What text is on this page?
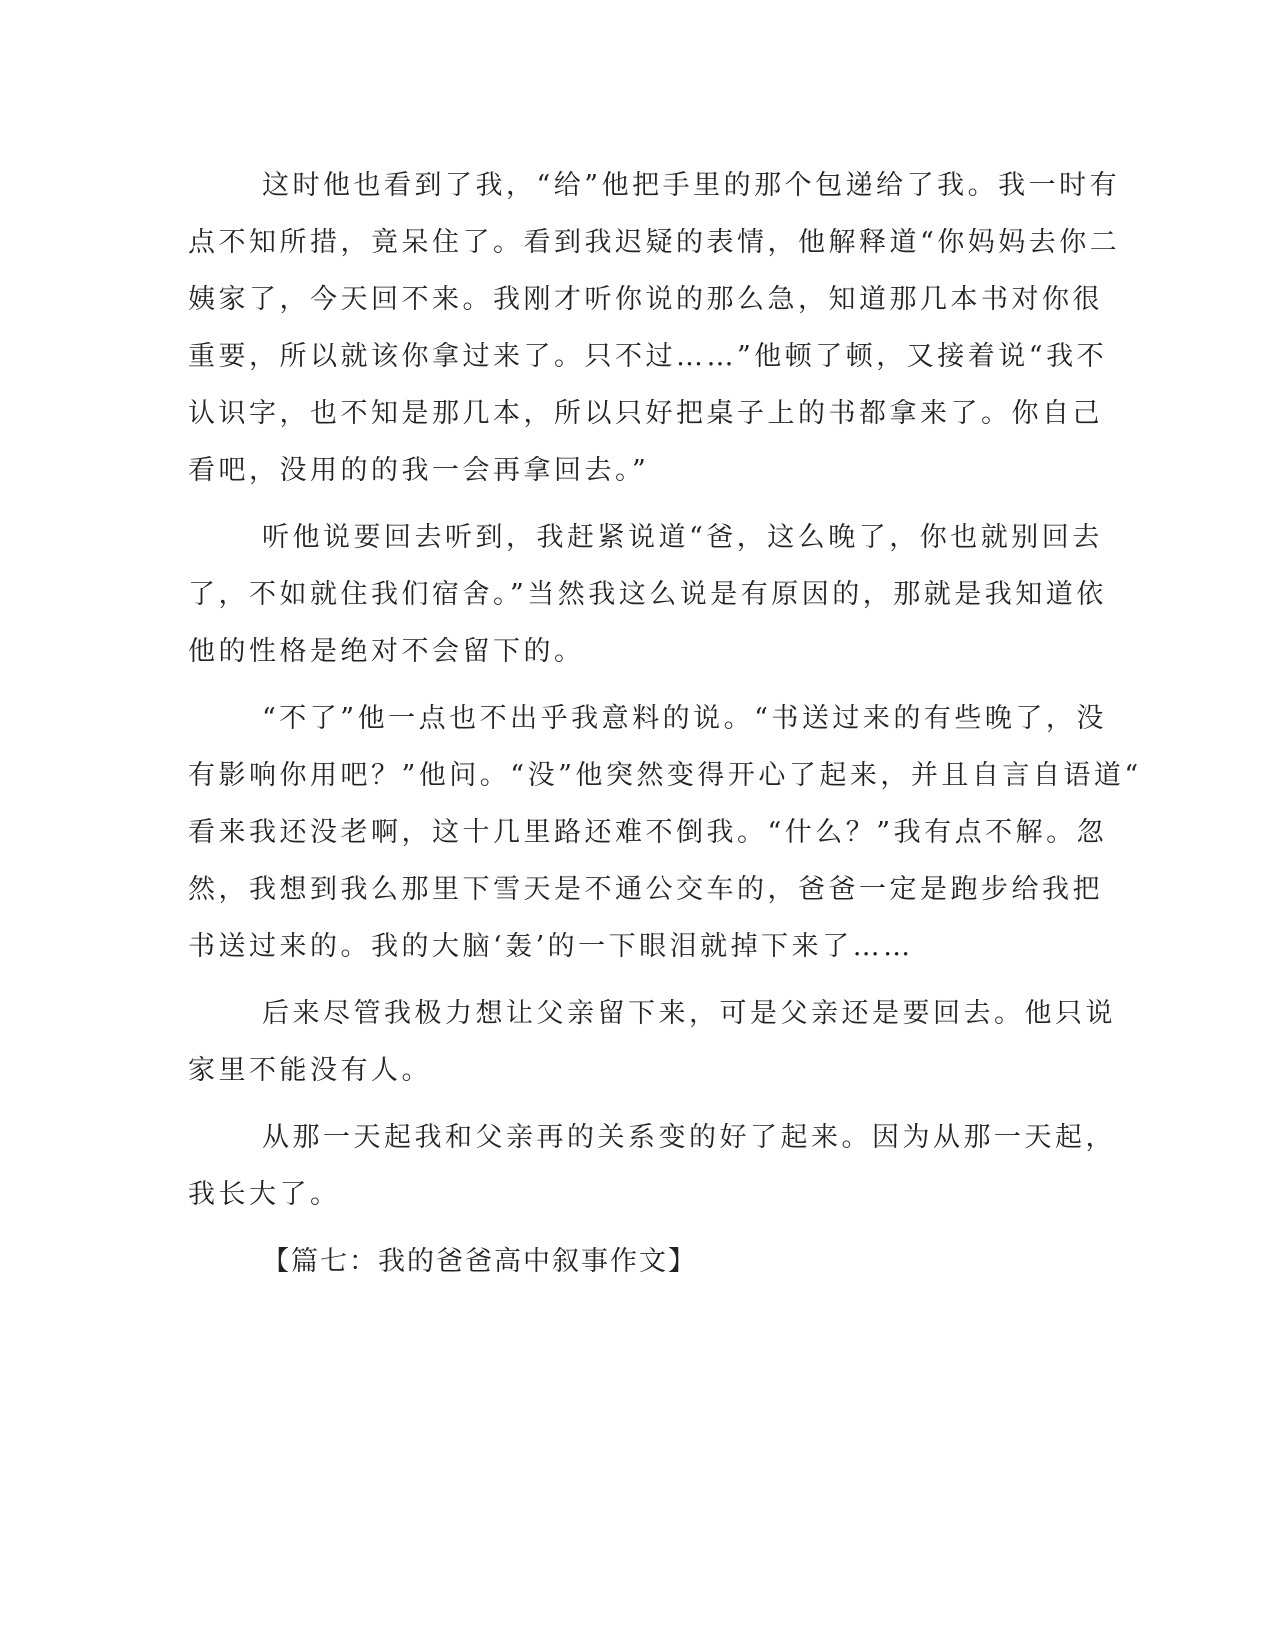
这时他也看到了我，“给”他把手里的那个包递给了我。我一时有
点不知所措，竟呆住了。看到我迟疑的表情，他解释道“你妈妈去你二
姨家了，今天回不来。我刚才听你说的那么急，知道那几本书对你很
重要，所以就该你拿过来了。只不过……”他顿了顿，又接着说“我不
认识字，也不知是那几本，所以只好把桌子上的书都拿来了。你自己
看吧，没用的的我一会再拿回去。”
听他说要回去听到，我赶紧说道“爸，这么晚了，你也就别回去
了，不如就住我们宿舍。”当然我这么说是有原因的，那就是我知道依
他的性格是绝对不会留下的。
“不了”他一点也不出乎我意料的说。“书送过来的有些晚了，没
有影响你用吧？”他问。“没”他突然变得开心了起来，并且自言自语道“
看来我还没老啊，这十几里路还难不倒我。“什么？”我有点不解。忽
然，我想到我么那里下雪天是不通公交车的，爸爸一定是跑步给我把
书送过来的。我的大脑‘轰’的一下眼泪就掉下来了……
后来尽管我极力想让父亲留下来，可是父亲还是要回去。他只说
家里不能没有人。
从那一天起我和父亲再的关系变的好了起来。因为从那一天起，
我长大了。
【篇七：我的爸爸高中叙事作文】
